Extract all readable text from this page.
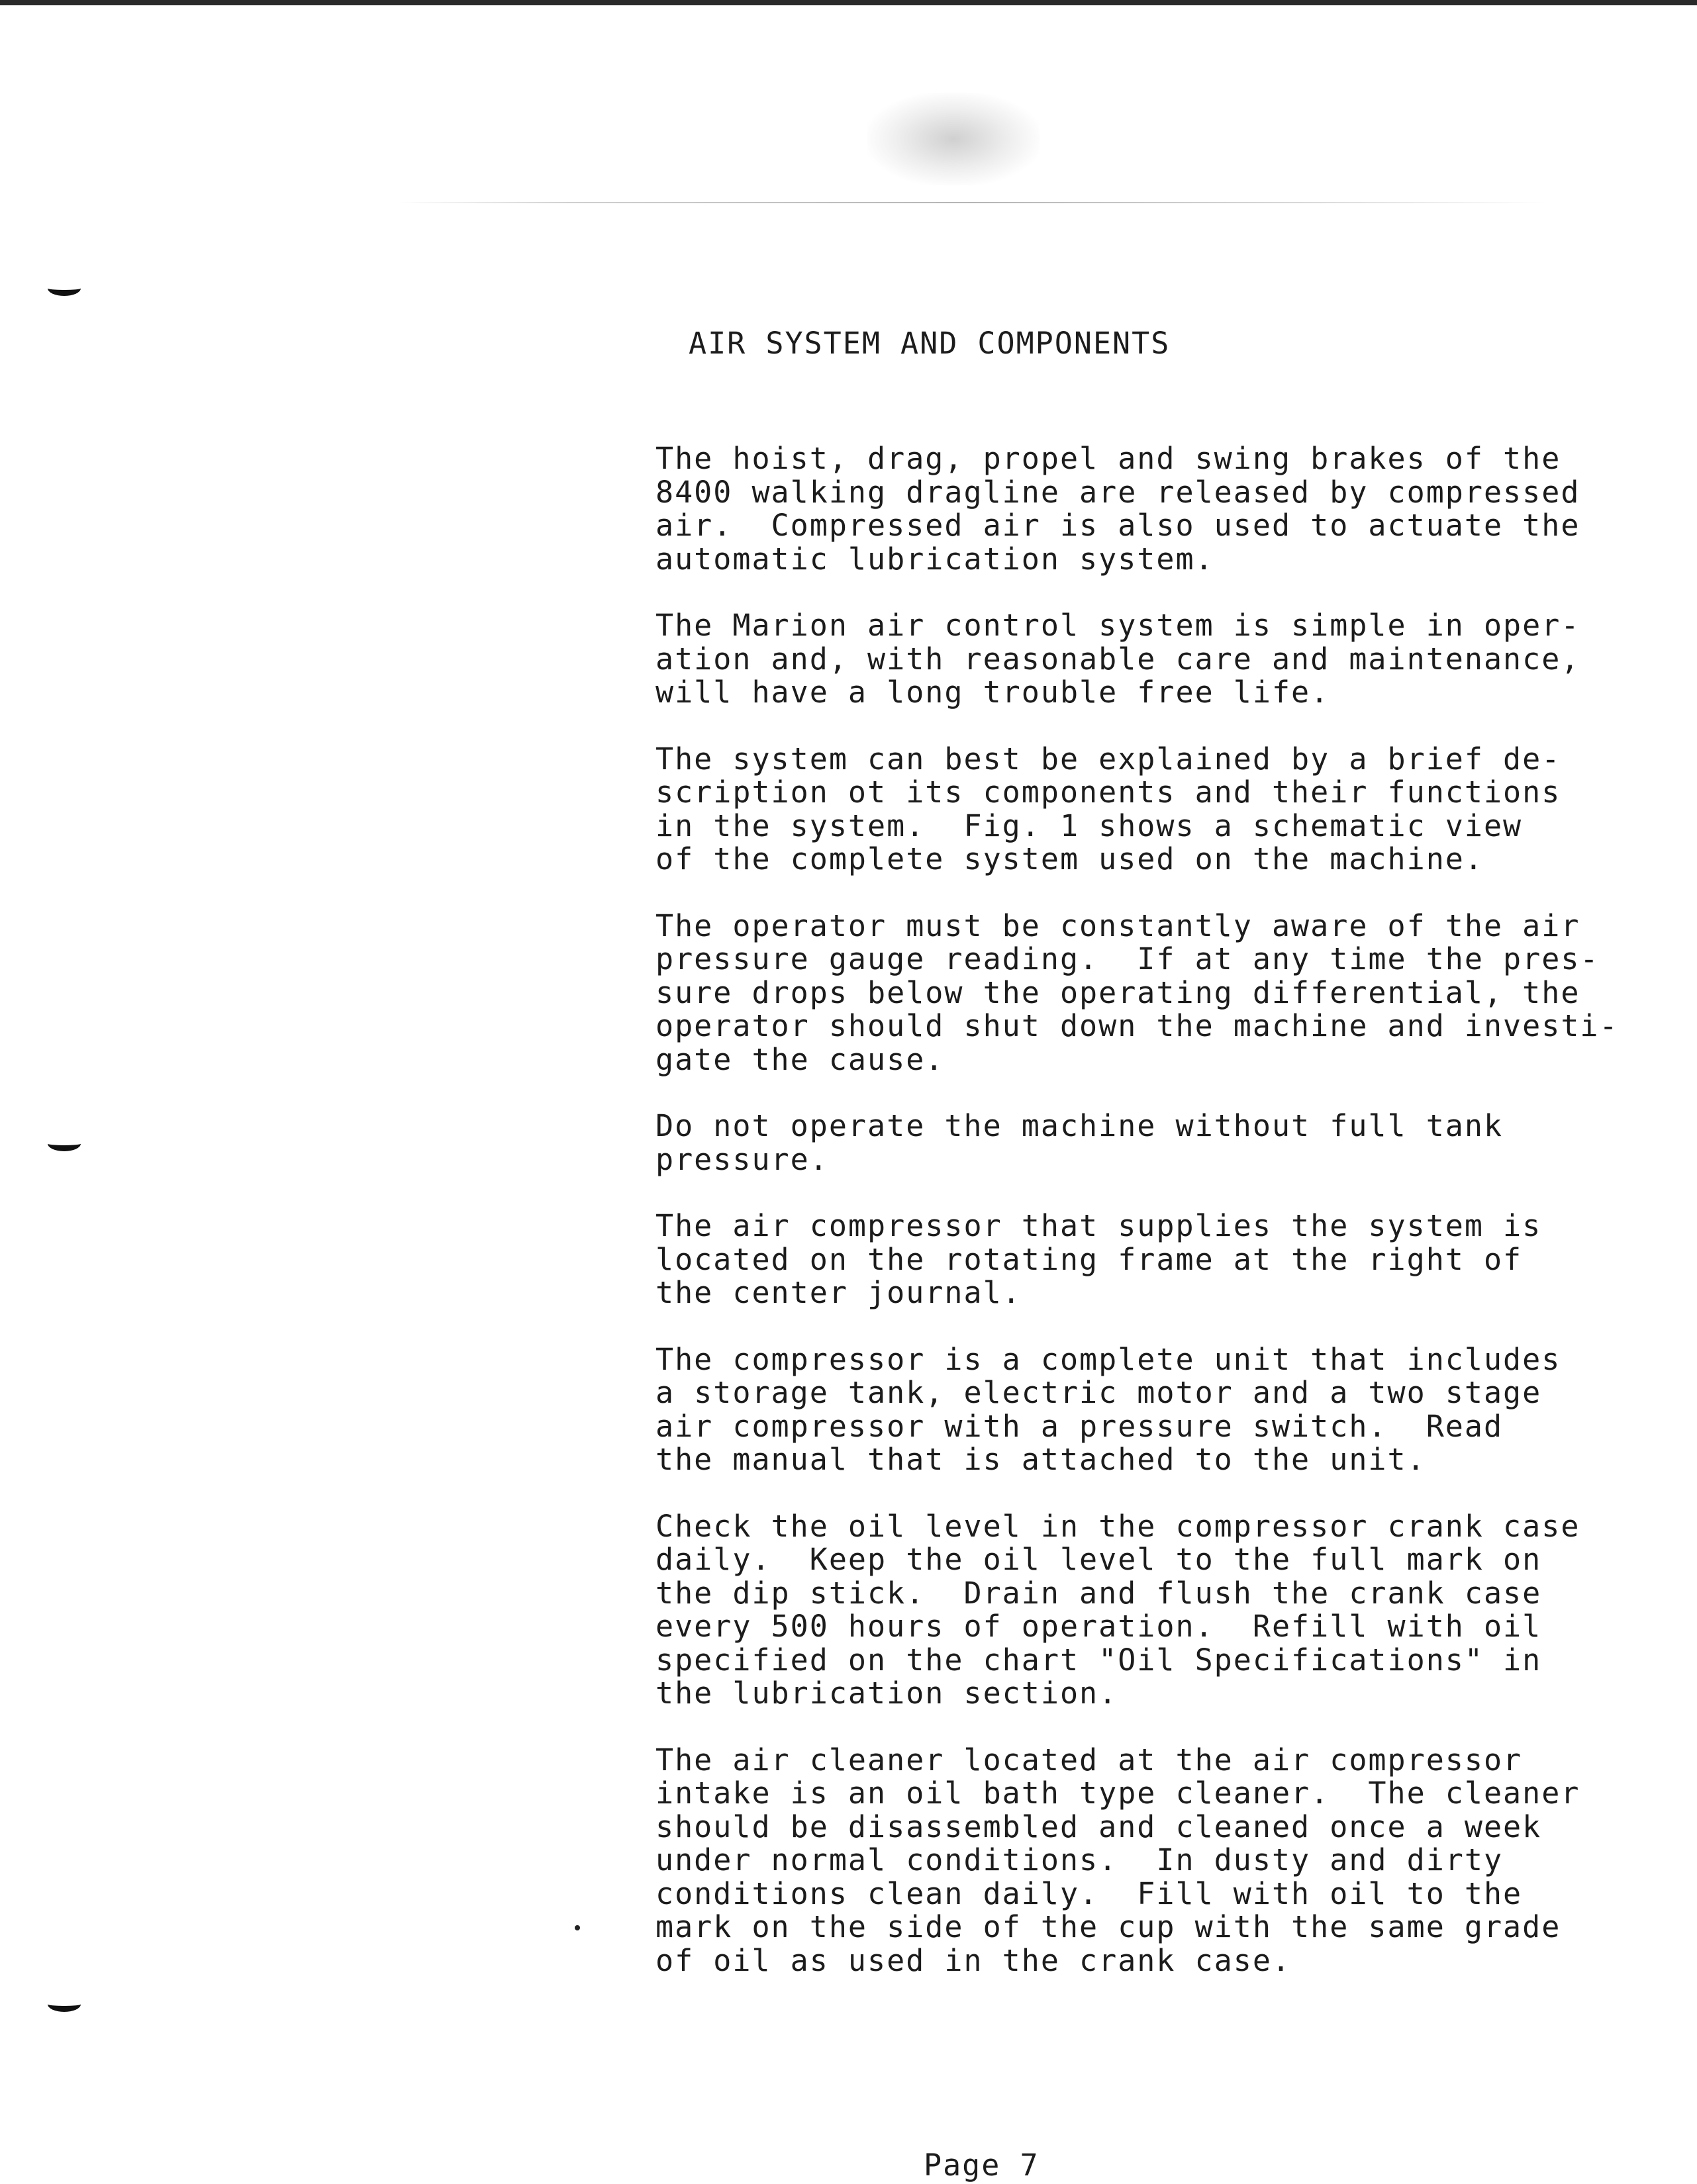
AIR SYSTEM AND COMPONENTS
The hoist, drag, propel and swing brakes of the
8400 walking dragline are released by compressed
air.  Compressed air is also used to actuate the
automatic lubrication system.
The Marion air control system is simple in oper-
ation and, with reasonable care and maintenance,
will have a long trouble free life.
The system can best be explained by a brief de-
scription ot its components and their functions
in the system.  Fig. 1 shows a schematic view
of the complete system used on the machine.
The operator must be constantly aware of the air
pressure gauge reading.  If at any time the pres-
sure drops below the operating differential, the
operator should shut down the machine and investi-
gate the cause.
Do not operate the machine without full tank
pressure.
The air compressor that supplies the system is
located on the rotating frame at the right of
the center journal.
The compressor is a complete unit that includes
a storage tank, electric motor and a two stage
air compressor with a pressure switch.  Read
the manual that is attached to the unit.
Check the oil level in the compressor crank case
daily.  Keep the oil level to the full mark on
the dip stick.  Drain and flush the crank case
every 500 hours of operation.  Refill with oil
specified on the chart "Oil Specifications" in
the lubrication section.
The air cleaner located at the air compressor
intake is an oil bath type cleaner.  The cleaner
should be disassembled and cleaned once a week
under normal conditions.  In dusty and dirty
conditions clean daily.  Fill with oil to the
mark on the side of the cup with the same grade
of oil as used in the crank case.
Page 7
